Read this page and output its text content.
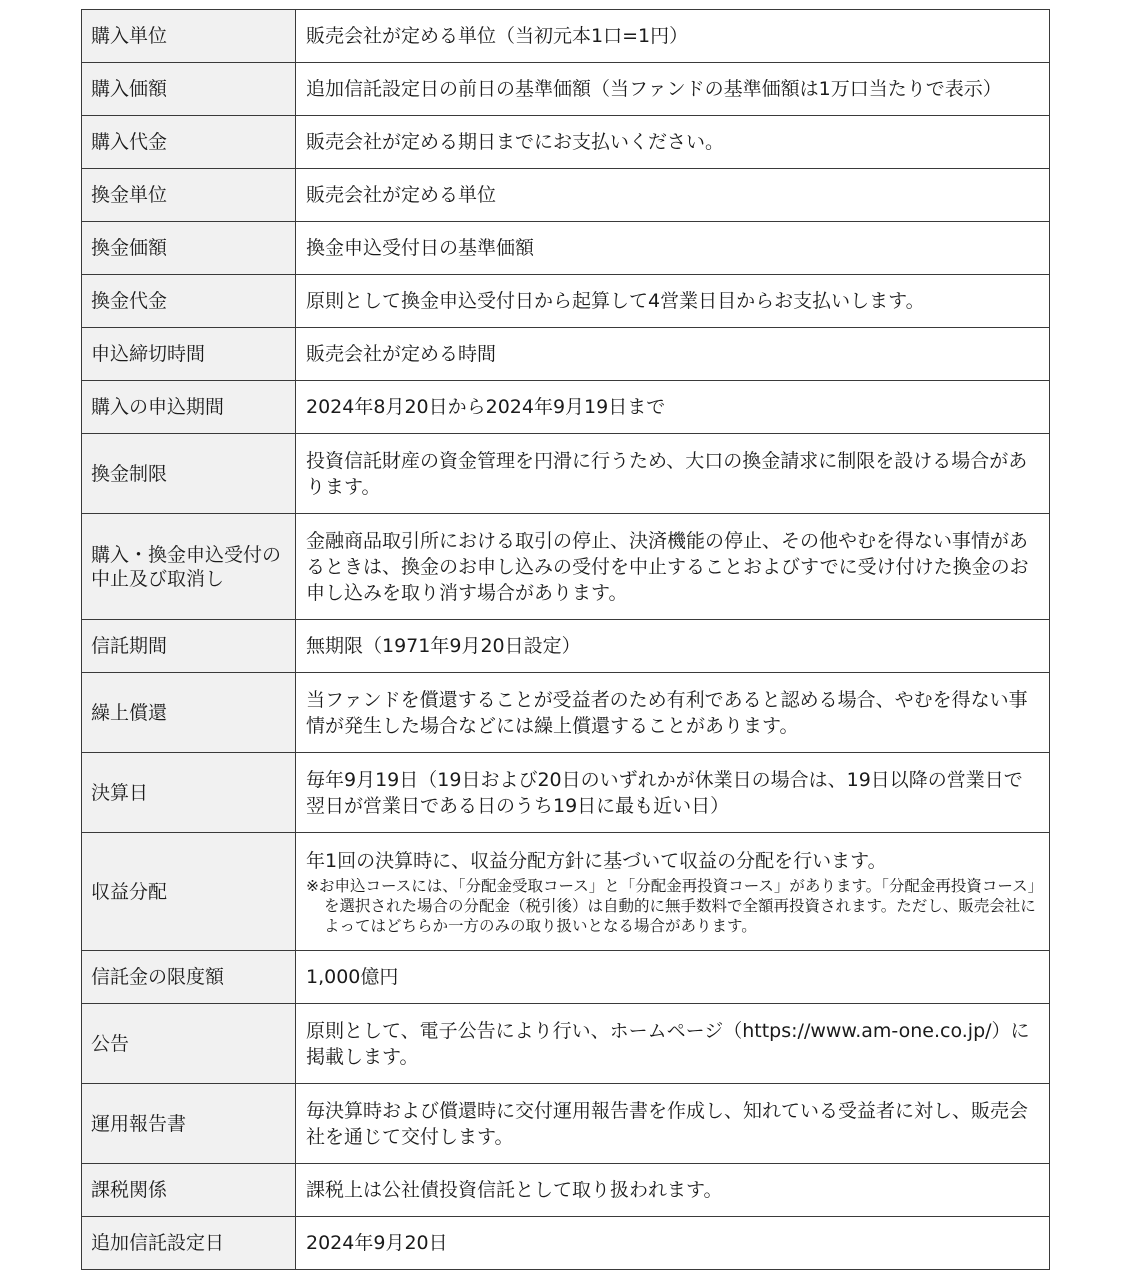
購入単位	販売会社が定める単位（当初元本1口=1円）
購入価額	追加信託設定日の前日の基準価額（当ファンドの基準価額は1万口当たりで表示）
購入代金	販売会社が定める期日までにお支払いください。
換金単位	販売会社が定める単位
換金価額	換金申込受付日の基準価額
換金代金	原則として換金申込受付日から起算して4営業日目からお支払いします。
申込締切時間	販売会社が定める時間
購入の申込期間	2024年8月20日から2024年9月19日まで
換金制限	投資信託財産の資金管理を円滑に行うため、大口の換金請求に制限を設ける場合があります。
購入・換金申込受付の中止及び取消し	金融商品取引所における取引の停止、決済機能の停止、その他やむを得ない事情があるときは、換金のお申し込みの受付を中止することおよびすでに受け付けた換金のお申し込みを取り消す場合があります。
信託期間	無期限（1971年9月20日設定）
繰上償還	当ファンドを償還することが受益者のため有利であると認める場合、やむを得ない事情が発生した場合などには繰上償還することがあります。
決算日	毎年9月19日（19日および20日のいずれかが休業日の場合は、19日以降の営業日で翌日が営業日である日のうち19日に最も近い日）
収益分配	年1回の決算時に、収益分配方針に基づいて収益の分配を行います。
※お申込コースには、「分配金受取コース」と「分配金再投資コース」があります。「分配金再投資コース」を選択された場合の分配金（税引後）は自動的に無手数料で全額再投資されます。ただし、販売会社によってはどちらか一方のみの取り扱いとなる場合があります。

信託金の限度額	1,000億円
公告	原則として、電子公告により行い、ホームページ（https://www.am-one.co.jp/）に掲載します。
運用報告書	毎決算時および償還時に交付運用報告書を作成し、知れている受益者に対し、販売会社を通じて交付します。
課税関係	課税上は公社債投資信託として取り扱われます。
追加信託設定日	2024年9月20日
